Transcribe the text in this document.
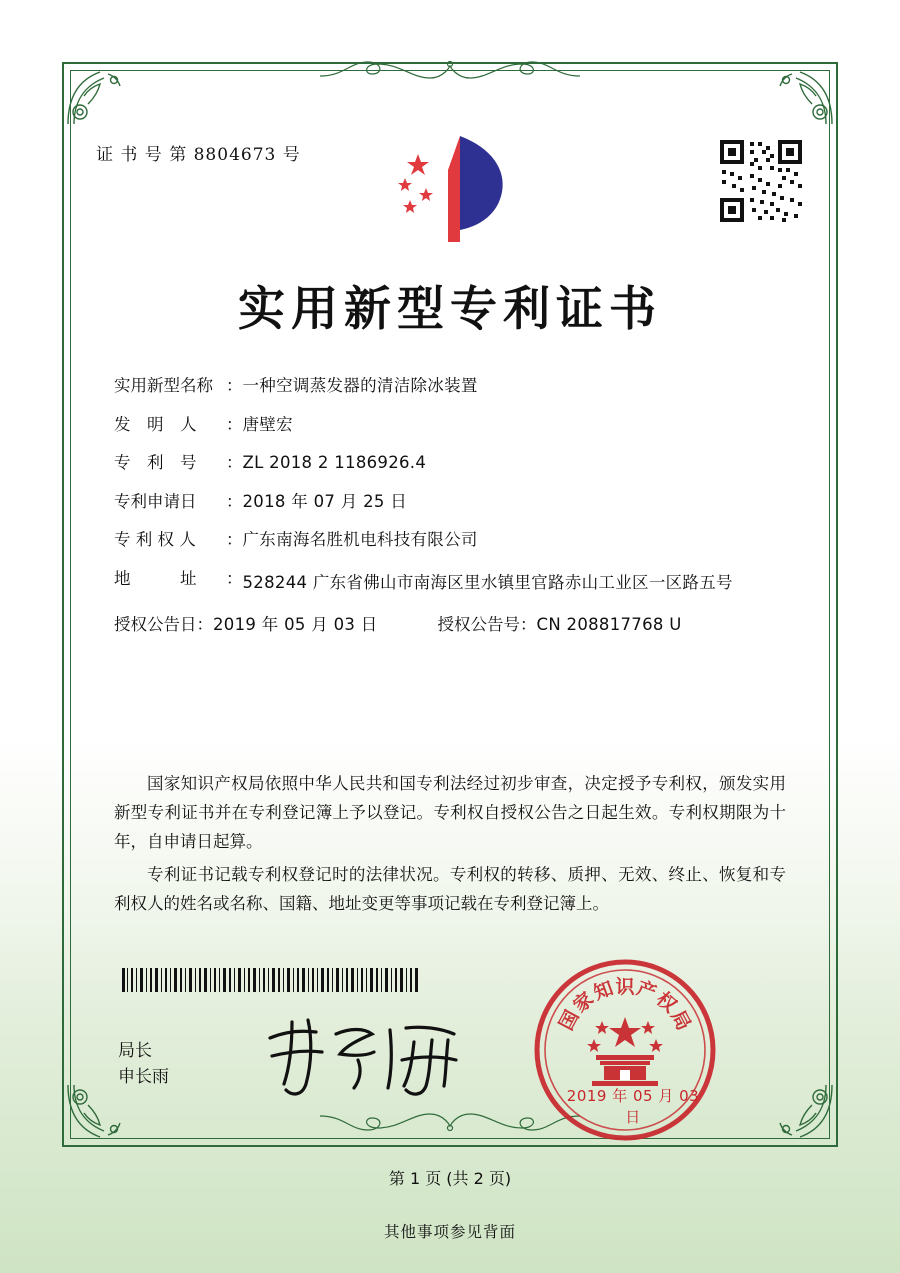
证 书 号 第 8804673 号
实用新型专利证书
实用新型名称 ： 一种空调蒸发器的清洁除冰装置
发　明　人	： 唐壁宏
专　利　号	： ZL 2018 2 1186926.4
专利申请日	： 2018 年 07 月 25 日
专 利 权 人	： 广东南海名胜机电科技有限公司
地　　　址	： 528244 广东省佛山市南海区里水镇里官路赤山工业区一区路五号
授权公告日 ： 2019 年 05 月 03 日	授权公告号 ： CN 208817768 U

国家知识产权局依照中华人民共和国专利法经过初步审查，决定授予专利权，颁发实用新型专利证书并在专利登记簿上予以登记。专利权自授权公告之日起生效。专利权期限为十年，自申请日起算。

专利证书记载专利权登记时的法律状况。专利权的转移、质押、无效、终止、恢复和专利权人的姓名或名称、国籍、地址变更等事项记载在专利登记簿上。

局长
申长雨
国
家
知 识 产
权
局
2019 年 05 月 03 日
第 1 页 (共 2 页)
其他事项参见背面
